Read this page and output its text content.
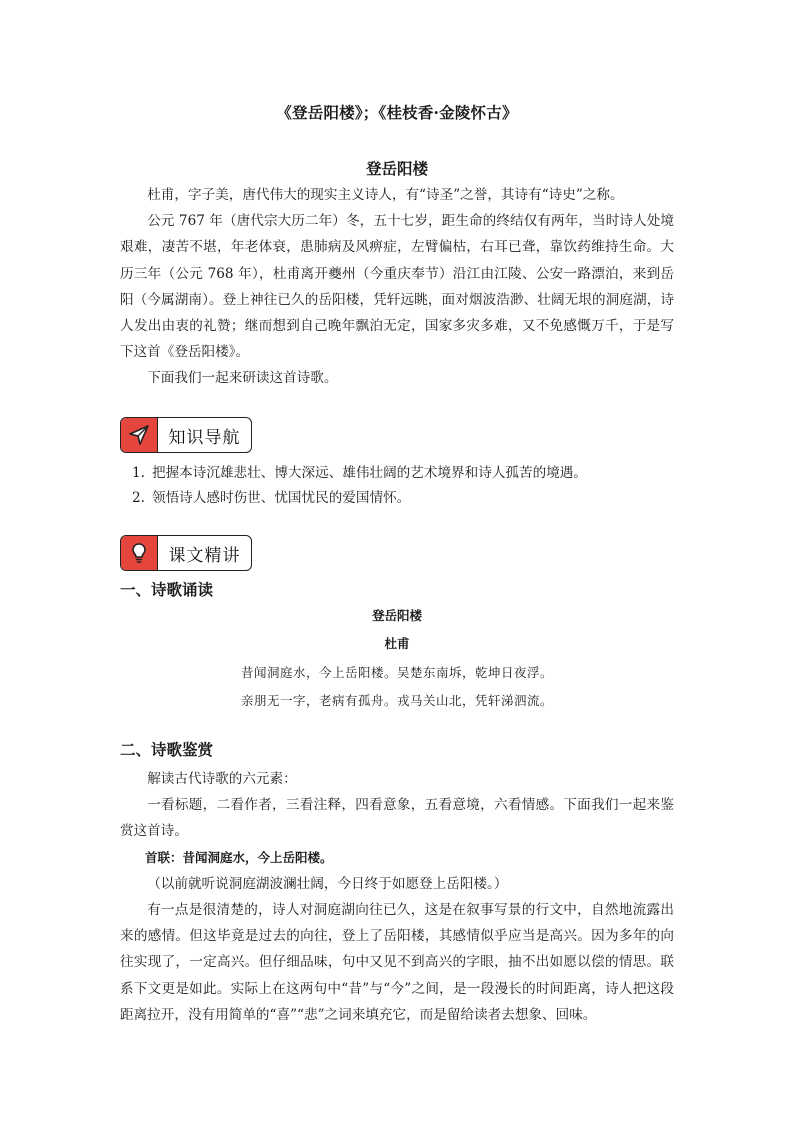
《登岳阳楼》；《桂枝香·金陵怀古》
登岳阳楼

杜甫，字子美，唐代伟大的现实主义诗人，有“诗圣”之誉，其诗有“诗史”之称。

公元 767 年（唐代宗大历二年）冬，五十七岁，距生命的终结仅有两年，当时诗人处境艰难，凄苦不堪，年老体衰，患肺病及风痹症，左臂偏枯，右耳已聋，靠饮药维持生命。大历三年（公元 768 年），杜甫离开夔州（今重庆奉节）沿江由江陵、公安一路漂泊，来到岳阳（今属湖南）。登上神往已久的岳阳楼，凭轩远眺，面对烟波浩渺、壮阔无垠的洞庭湖，诗人发出由衷的礼赞；继而想到自己晚年飘泊无定，国家多灾多难，又不免感慨万千，于是写下这首《登岳阳楼》。

下面我们一起来研读这首诗歌。

知识导航
1. 把握本诗沉雄悲壮、博大深远、雄伟壮阔的艺术境界和诗人孤苦的境遇。
2. 领悟诗人感时伤世、忧国忧民的爱国情怀。
课文精讲
一、诗歌诵读
登岳阳楼
杜甫
昔闻洞庭水，今上岳阳楼。吴楚东南坼，乾坤日夜浮。
亲朋无一字，老病有孤舟。戎马关山北，凭轩涕泗流。
二、诗歌鉴赏

解读古代诗歌的六元素：

一看标题，二看作者，三看注释，四看意象，五看意境，六看情感。下面我们一起来鉴赏这首诗。

首联：昔闻洞庭水，今上岳阳楼。

（以前就听说洞庭湖波澜壮阔，今日终于如愿登上岳阳楼。）

有一点是很清楚的，诗人对洞庭湖向往已久，这是在叙事写景的行文中，自然地流露出来的感情。但这毕竟是过去的向往，登上了岳阳楼，其感情似乎应当是高兴。因为多年的向往实现了，一定高兴。但仔细品味，句中又见不到高兴的字眼，抽不出如愿以偿的情思。联系下文更是如此。实际上在这两句中“昔”与“今”之间，是一段漫长的时间距离，诗人把这段距离拉开，没有用简单的“喜”“悲”之词来填充它，而是留给读者去想象、回味。
